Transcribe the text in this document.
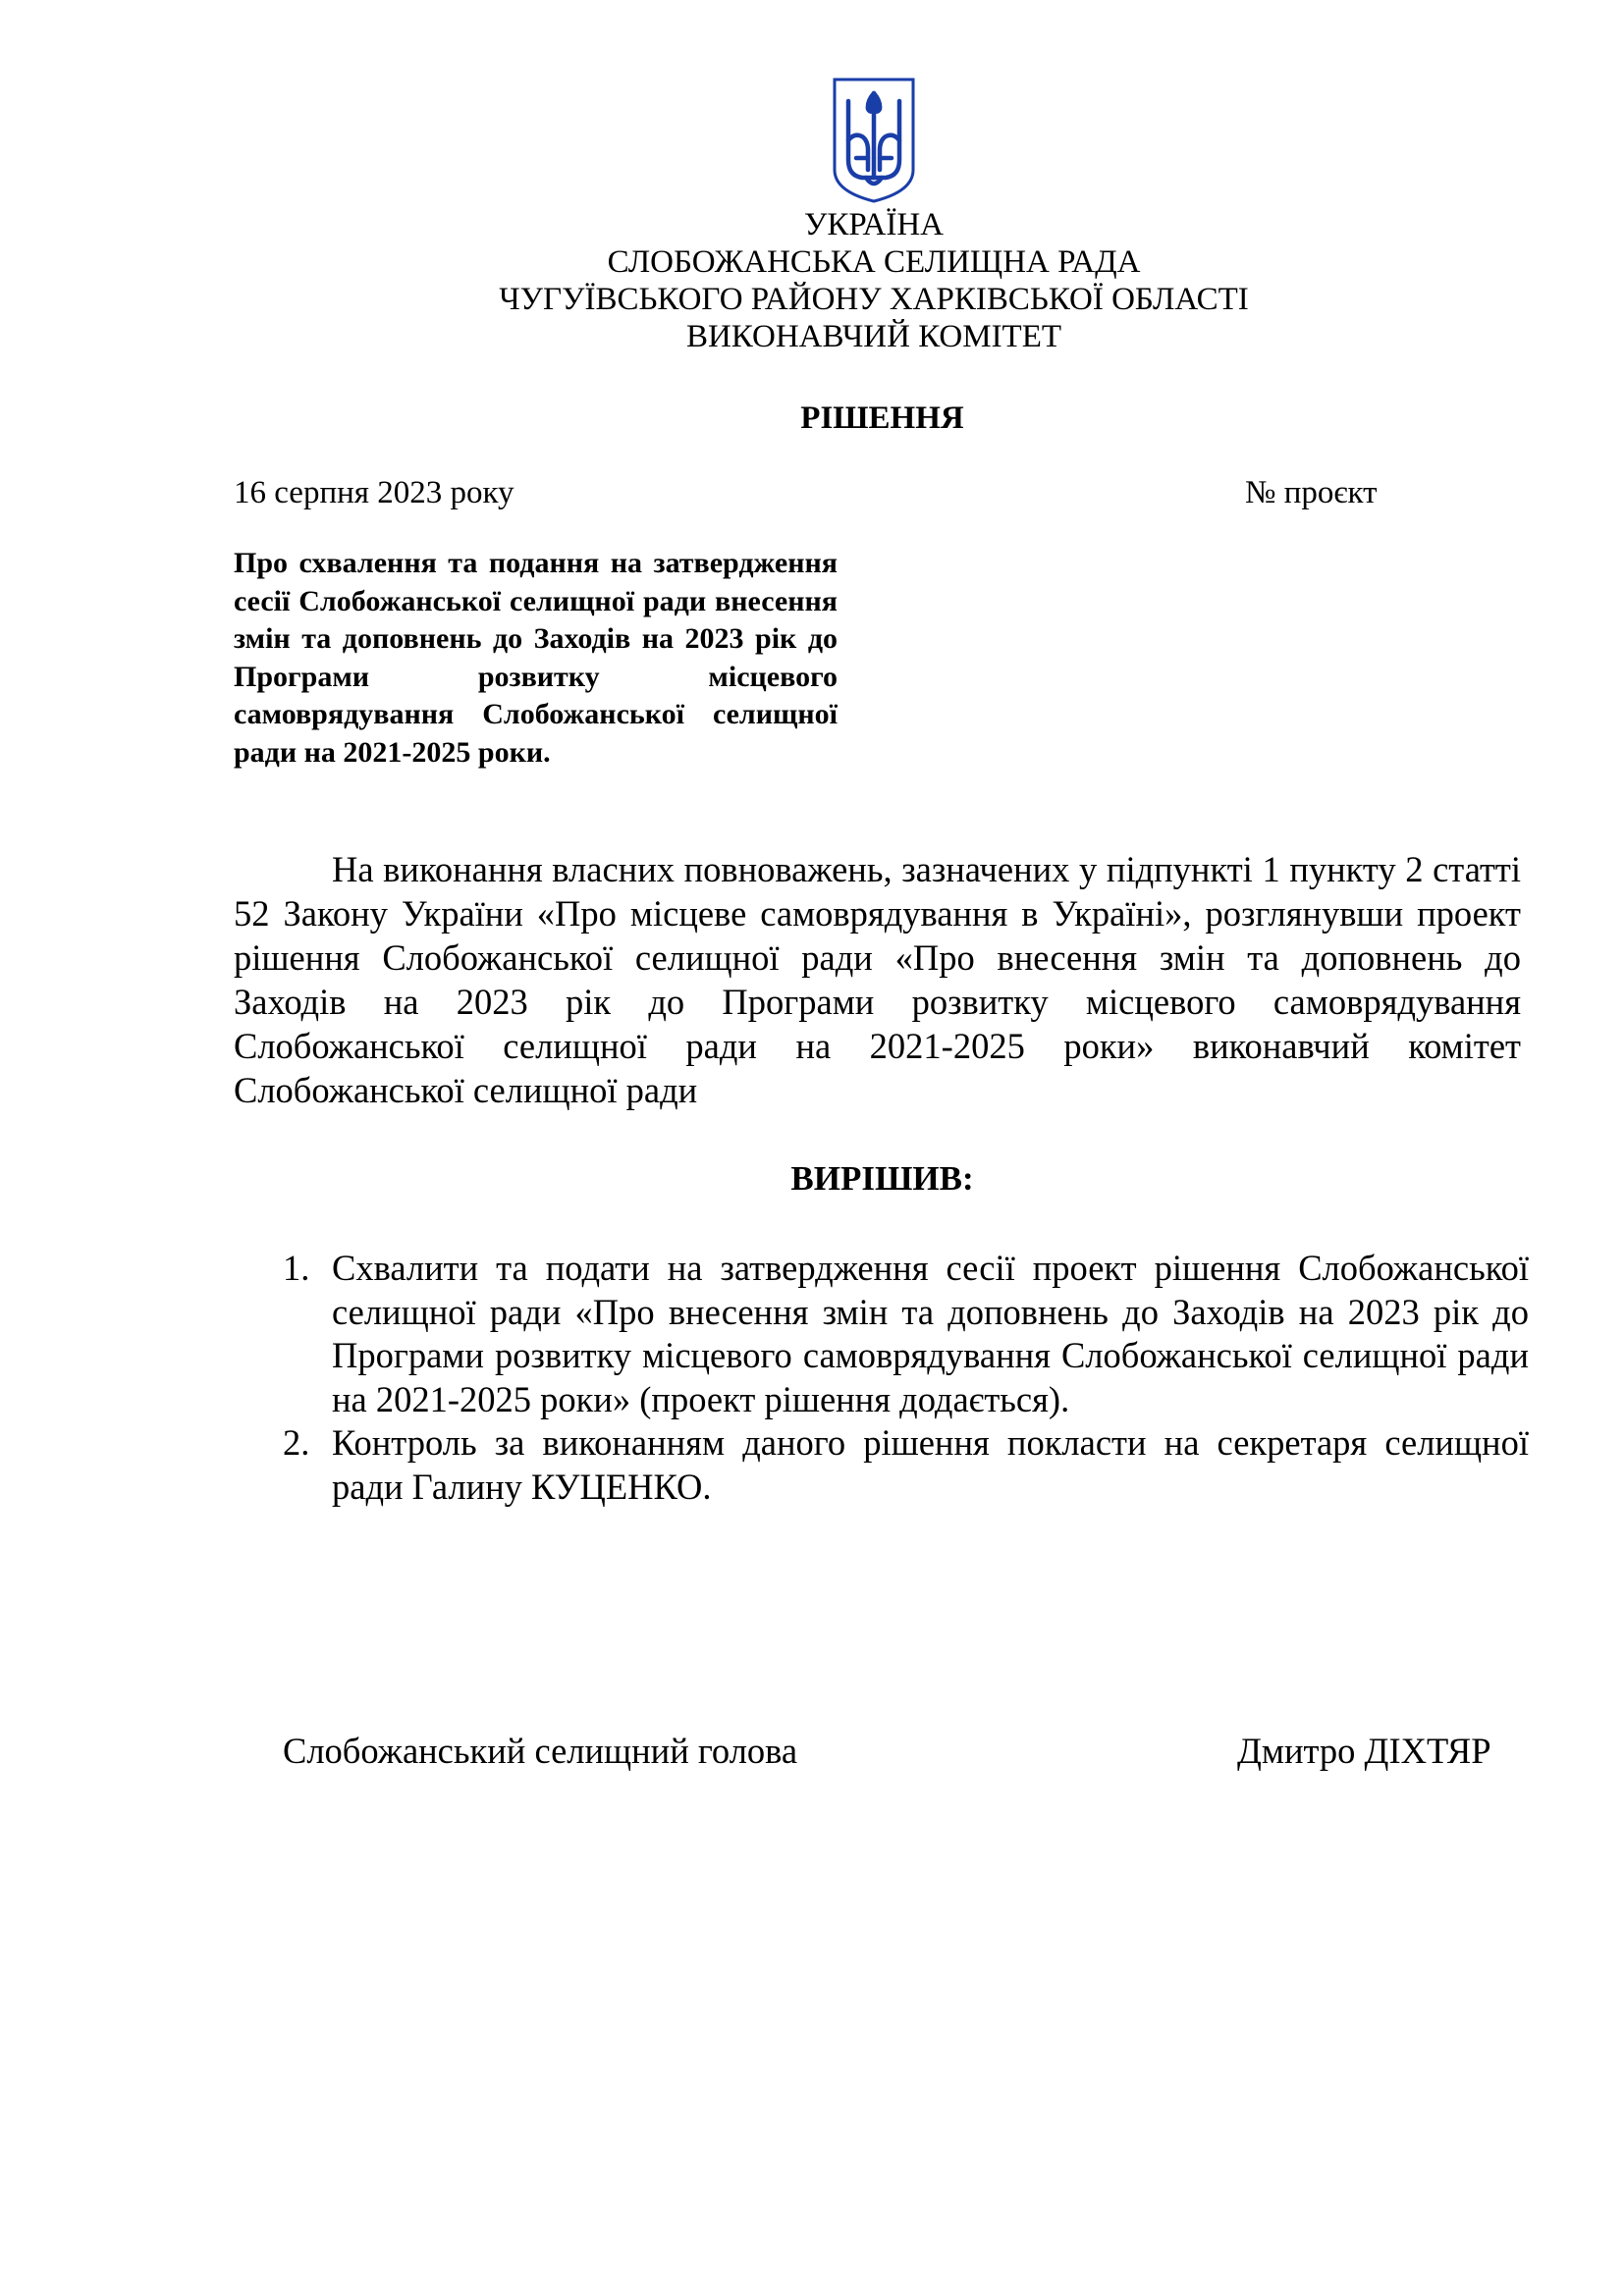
УКРАЇНА
СЛОБОЖАНСЬКА СЕЛИЩНА РАДА
ЧУГУЇВСЬКОГО РАЙОНУ ХАРКІВСЬКОЇ ОБЛАСТІ
ВИКОНАВЧИЙ КОМІТЕТ
РІШЕННЯ
16 серпня 2023 року	№ проєкт

Про схвалення та подання на затвердження сесії Слобожанської селищної ради внесення змін та доповнень до Заходів на 2023 рік до Програми розвитку місцевого самоврядування Слобожанської селищної ради на 2021-2025 роки.

На виконання власних повноважень, зазначених у підпункті 1 пункту 2 статті 52 Закону України «Про місцеве самоврядування в Україні», розглянувши проект рішення Слобожанської селищної ради «Про внесення змін та доповнень до Заходів на 2023 рік до Програми розвитку місцевого самоврядування Слобожанської селищної ради на 2021-2025 роки» виконавчий комітет Слобожанської селищної ради

ВИРІШИВ:
1. Схвалити та подати на затвердження сесії проект рішення Слобожанської селищної ради «Про внесення змін та доповнень до Заходів на 2023 рік до Програми розвитку місцевого самоврядування Слобожанської селищної ради на 2021-2025 роки» (проект рішення додається).
2. Контроль за виконанням даного рішення покласти на секретаря селищної ради Галину КУЦЕНКО.
Слобожанський селищний голова	Дмитро ДІХТЯР
